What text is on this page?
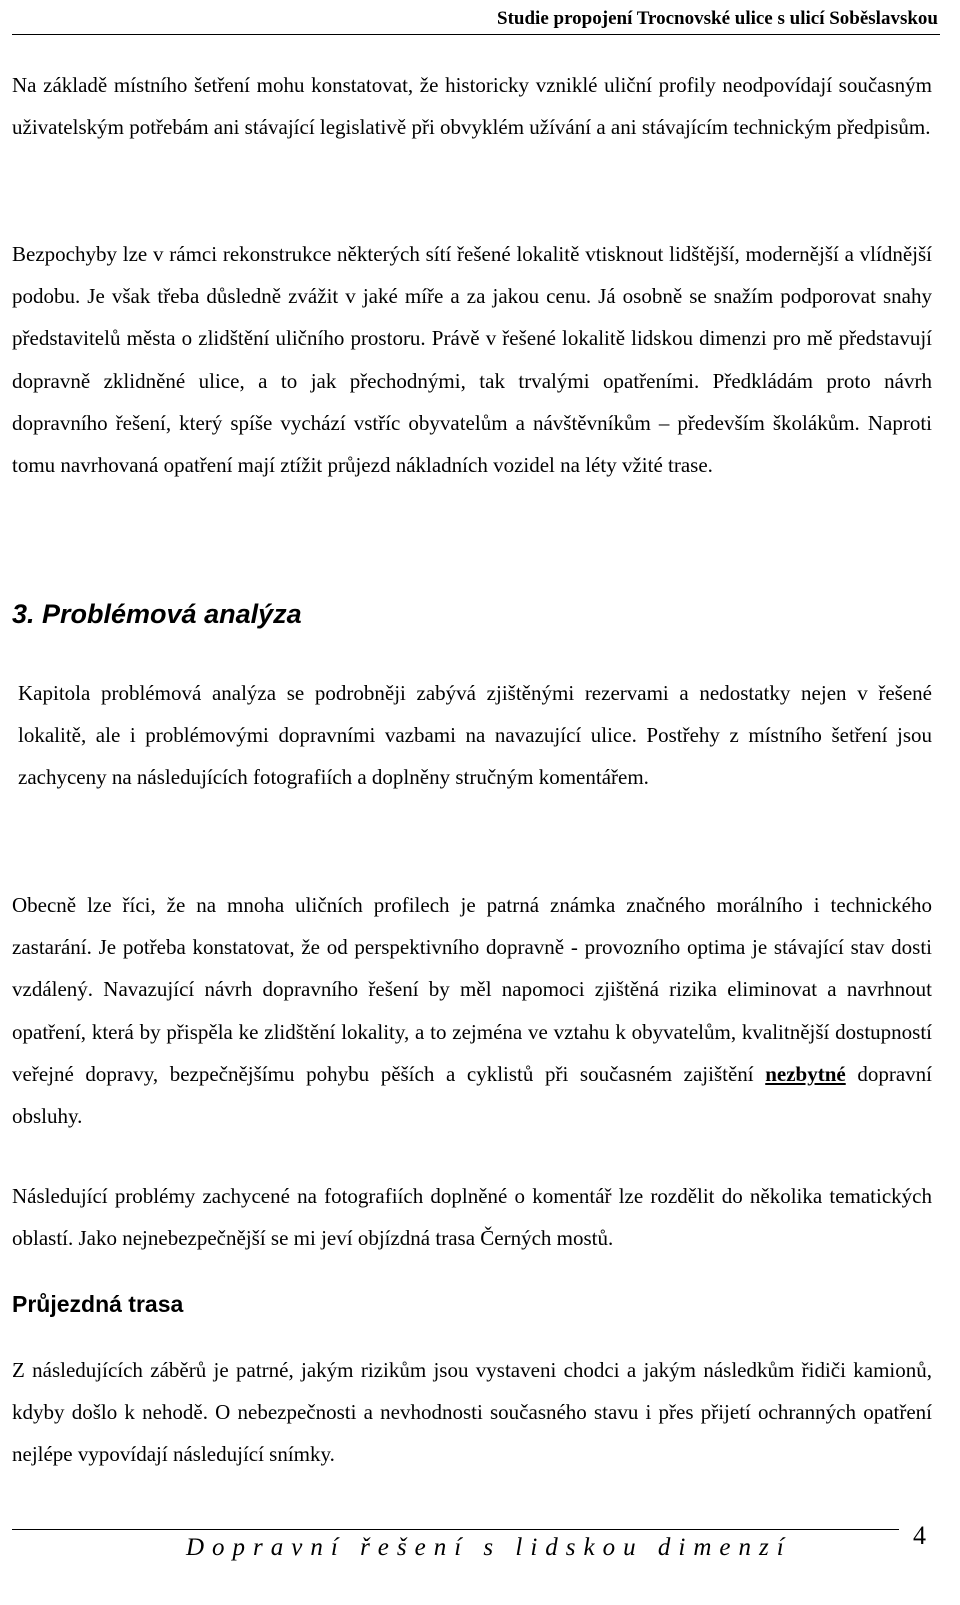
Studie propojení Trocnovské ulice s ulicí Soběslavskou

Na základě místního šetření mohu konstatovat, že historicky vzniklé uliční profily neodpovídají současným uživatelským potřebám ani stávající legislativě při obvyklém užívání a ani stávajícím technickým předpisům.

Bezpochyby lze v rámci rekonstrukce některých sítí řešené lokalitě vtisknout lidštější, modernější a vlídnější podobu. Je však třeba důsledně zvážit v jaké míře a za jakou cenu. Já osobně se snažím podporovat snahy představitelů města o zlidštění uličního prostoru. Právě v řešené lokalitě lidskou dimenzi pro mě představují dopravně zklidněné ulice, a to jak přechodnými, tak trvalými opatřeními. Předkládám proto návrh dopravního řešení, který spíše vychází vstříc obyvatelům a návštěvníkům – především školákům. Naproti tomu navrhovaná opatření mají ztížit průjezd nákladních vozidel na léty vžité trase.

3. Problémová analýza

Kapitola problémová analýza se podrobněji zabývá zjištěnými rezervami a nedostatky nejen v řešené lokalitě, ale i problémovými dopravními vazbami na navazující ulice. Postřehy z místního šetření jsou zachyceny na následujících fotografiích a doplněny stručným komentářem.

Obecně lze říci, že na mnoha uličních profilech je patrná známka značného morálního i technického zastarání. Je potřeba konstatovat, že od perspektivního dopravně - provozního optima je stávající stav dosti vzdálený. Navazující návrh dopravního řešení by měl napomoci zjištěná rizika eliminovat a navrhnout opatření, která by přispěla ke zlidštění lokality, a to zejména ve vztahu k obyvatelům, kvalitnější dostupností veřejné dopravy, bezpečnějšímu pohybu pěších a cyklistů při současném zajištění nezbytné dopravní obsluhy.

Následující problémy zachycené na fotografiích doplněné o komentář lze rozdělit do několika tematických oblastí. Jako nejnebezpečnější se mi jeví objízdná trasa Černých mostů.

Průjezdná trasa

Z následujících záběrů je patrné, jakým rizikům jsou vystaveni chodci a jakým následkům řidiči kamionů, kdyby došlo k nehodě. O nebezpečnosti a nevhodnosti současného stavu i přes přijetí ochranných opatření nejlépe vypovídají následující snímky.

Dopravní řešení s lidskou dimenzí	4
